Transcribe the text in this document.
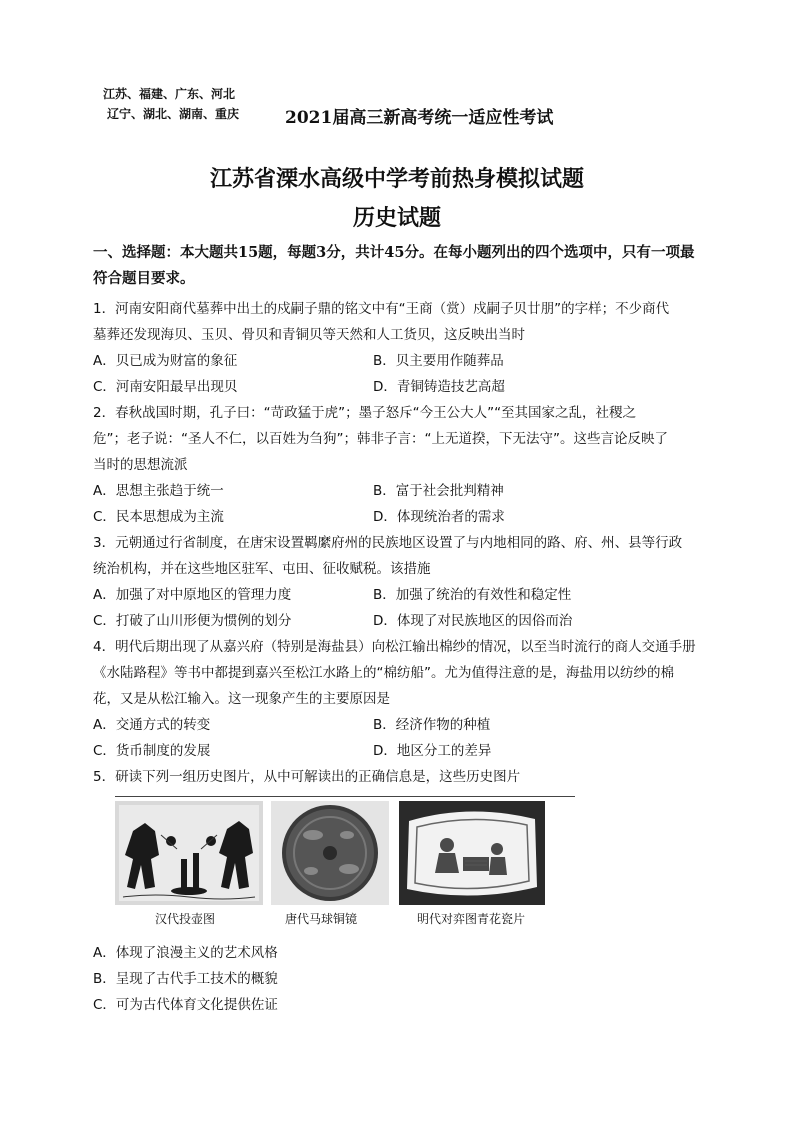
江苏、福建、广东、河北
辽宁、湖北、湖南、重庆	2021届高三新高考统一适应性考试
江苏省溧水高级中学考前热身模拟试题
历史试题
一、选择题：本大题共15题，每题3分，共计45分。在每小题列出的四个选项中，只有一项最符合题目要求。

1．河南安阳商代墓葬中出土的戍嗣子鼎的铭文中有“王商（赏）戍嗣子贝廿朋”的字样；不少商代

墓葬还发现海贝、玉贝、骨贝和青铜贝等天然和人工货贝，这反映出当时

A．贝已成为财富的象征	B．贝主要用作随葬品
C．河南安阳最早出现贝	D．青铜铸造技艺高超

2．春秋战国时期，孔子曰：“苛政猛于虎”；墨子怒斥“今王公大人”“至其国家之乱，社稷之

危”；老子说：“圣人不仁，以百姓为刍狗”；韩非子言：“上无道揆，下无法守”。这些言论反映了

当时的思想流派

A．思想主张趋于统一	B．富于社会批判精神
C．民本思想成为主流	D．体现统治者的需求

3．元朝通过行省制度，在唐宋设置羁縻府州的民族地区设置了与内地相同的路、府、州、县等行政

统治机构，并在这些地区驻军、屯田、征收赋税。该措施

A．加强了对中原地区的管理力度	B．加强了统治的有效性和稳定性
C．打破了山川形便为惯例的划分	D．体现了对民族地区的因俗而治

4．明代后期出现了从嘉兴府（特别是海盐县）向松江输出棉纱的情况，以至当时流行的商人交通手册

《水陆路程》等书中都提到嘉兴至松江水路上的“棉纺船”。尤为值得注意的是，海盐用以纺纱的棉

花，又是从松江输入。这一现象产生的主要原因是

A．交通方式的转变	B．经济作物的种植
C．货币制度的发展	D．地区分工的差异

5．研读下列一组历史图片，从中可解读出的正确信息是，这些历史图片

汉代投壶图	唐代马球铜镜	明代对弈图青花瓷片
A．体现了浪漫主义的艺术风格
B．呈现了古代手工技术的概貌
C．可为古代体育文化提供佐证
